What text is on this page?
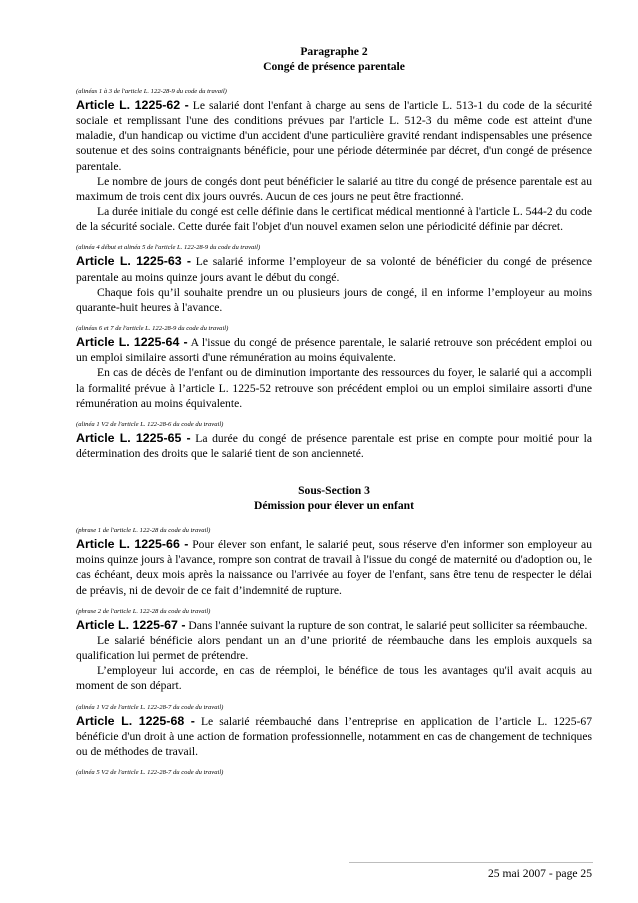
Paragraphe 2
Congé de présence parentale
(alinéas 1 à 3 de l'article L. 122-28-9 du code du travail)

Article L. 1225-62 - Le salarié dont l'enfant à charge au sens de l'article L. 513-1 du code de la sécurité sociale et remplissant l'une des conditions prévues par l'article L. 512-3 du même code est atteint d'une maladie, d'un handicap ou victime d'un accident d'une particulière gravité rendant indispensables une présence soutenue et des soins contraignants bénéficie, pour une période déterminée par décret, d'un congé de présence parentale.

Le nombre de jours de congés dont peut bénéficier le salarié au titre du congé de présence parentale est au maximum de trois cent dix jours ouvrés. Aucun de ces jours ne peut être fractionné.

La durée initiale du congé est celle définie dans le certificat médical mentionné à l'article L. 544-2 du code de la sécurité sociale. Cette durée fait l'objet d'un nouvel examen selon une périodicité définie par décret.

(alinéa 4 début et alinéa 5 de l'article L. 122-28-9 du code du travail)

Article L. 1225-63 - Le salarié informe l’employeur de sa volonté de bénéficier du congé de présence parentale au moins quinze jours avant le début du congé.

Chaque fois qu’il souhaite prendre un ou plusieurs jours de congé, il en informe l’employeur au moins quarante-huit heures à l'avance.

(alinéas 6 et 7 de l'article L. 122-28-9 du code du travail)

Article L. 1225-64 - A l'issue du congé de présence parentale, le salarié retrouve son précédent emploi ou un emploi similaire assorti d'une rémunération au moins équivalente.

En cas de décès de l'enfant ou de diminution importante des ressources du foyer, le salarié qui a accompli la formalité prévue à l’article L. 1225-52 retrouve son précédent emploi ou un emploi similaire assorti d'une rémunération au moins équivalente.

(alinéa 1 V2 de l'article L. 122-28-6 du code du travail)

Article L. 1225-65 - La durée du congé de présence parentale est prise en compte pour moitié pour la détermination des droits que le salarié tient de son ancienneté.

Sous-Section 3
Démission pour élever un enfant
(phrase 1 de l'article L. 122-28 du code du travail)

Article L. 1225-66 - Pour élever son enfant, le salarié peut, sous réserve d'en informer son employeur au moins quinze jours à l'avance, rompre son contrat de travail à l'issue du congé de maternité ou d'adoption ou, le cas échéant, deux mois après la naissance ou l'arrivée au foyer de l'enfant, sans être tenu de respecter le délai de préavis, ni de devoir de ce fait d’indemnité de rupture.

(phrase 2 de l'article L. 122-28 du code du travail)

Article L. 1225-67 - Dans l'année suivant la rupture de son contrat, le salarié peut solliciter sa réembauche.

Le salarié bénéficie alors pendant un an d’une priorité de réembauche dans les emplois auxquels sa qualification lui permet de prétendre.

L’employeur lui accorde, en cas de réemploi, le bénéfice de tous les avantages qu'il avait acquis au moment de son départ.

(alinéa 1 V2 de l'article L. 122-28-7 du code du travail)

Article L. 1225-68 - Le salarié réembauché dans l’entreprise en application de l’article L. 1225-67 bénéficie d'un droit à une action de formation professionnelle, notamment en cas de changement de techniques ou de méthodes de travail.

(alinéa 5 V2 de l'article L. 122-28-7 du code du travail)
25 mai 2007 - page 25
